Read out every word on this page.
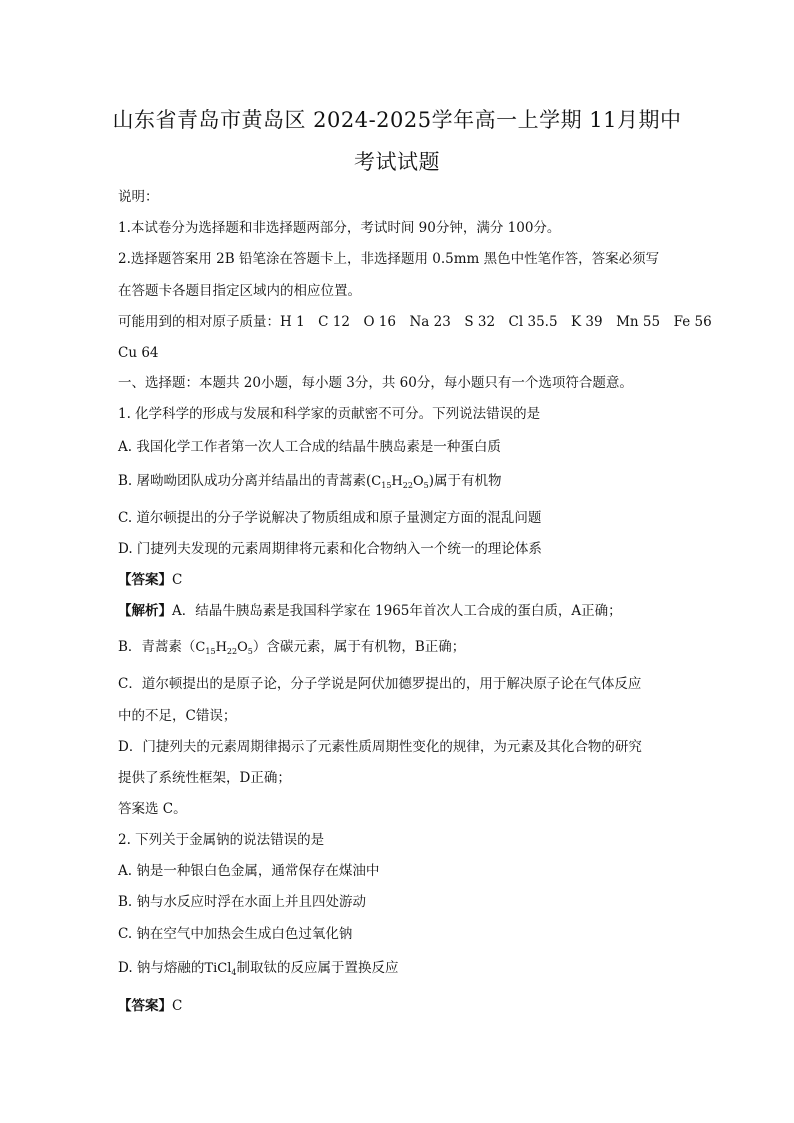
山东省青岛市黄岛区 2024-2025学年高一上学期 11月期中
考试试题
说明：
1.本试卷分为选择题和非选择题两部分，考试时间 90分钟，满分 100分。
2.选择题答案用 2B 铅笔涂在答题卡上，非选择题用 0.5mm 黑色中性笔作答，答案必须写
在答题卡各题目指定区域内的相应位置。
可能用到的相对原子质量：H 1　C 12　O 16　Na 23　S 32　Cl 35.5　K 39　Mn 55　Fe 56
Cu 64
一、选择题：本题共 20小题，每小题 3分，共 60分，每小题只有一个选项符合题意。
1. 化学科学的形成与发展和科学家的贡献密不可分。下列说法错误的是
A. 我国化学工作者第一次人工合成的结晶牛胰岛素是一种蛋白质
B. 屠呦呦团队成功分离并结晶出的青蒿素$(C_{15}H_{22}O_5)$属于有机物
C. 道尔顿提出的分子学说解决了物质组成和原子量测定方面的混乱问题
D. 门捷列夫发现的元素周期律将元素和化合物纳入一个统一的理论体系
【答案】C
【解析】A．结晶牛胰岛素是我国科学家在 1965年首次人工合成的蛋白质，A正确；
B．青蒿素$(C_{15}H_{22}O_5)$含碳元素，属于有机物，B正确；
C．道尔顿提出的是原子论，分子学说是阿伏加德罗提出的，用于解决原子论在气体反应
中的不足，C错误；
D．门捷列夫的元素周期律揭示了元素性质周期性变化的规律，为元素及其化合物的研究
提供了系统性框架，D正确；
答案选 C。
2. 下列关于金属钠的说法错误的是
A. 钠是一种银白色金属，通常保存在煤油中
B. 钠与水反应时浮在水面上并且四处游动
C. 钠在空气中加热会生成白色过氧化钠
D. 钠与熔融的TiCl$_4$制取钛的反应属于置换反应
【答案】C
